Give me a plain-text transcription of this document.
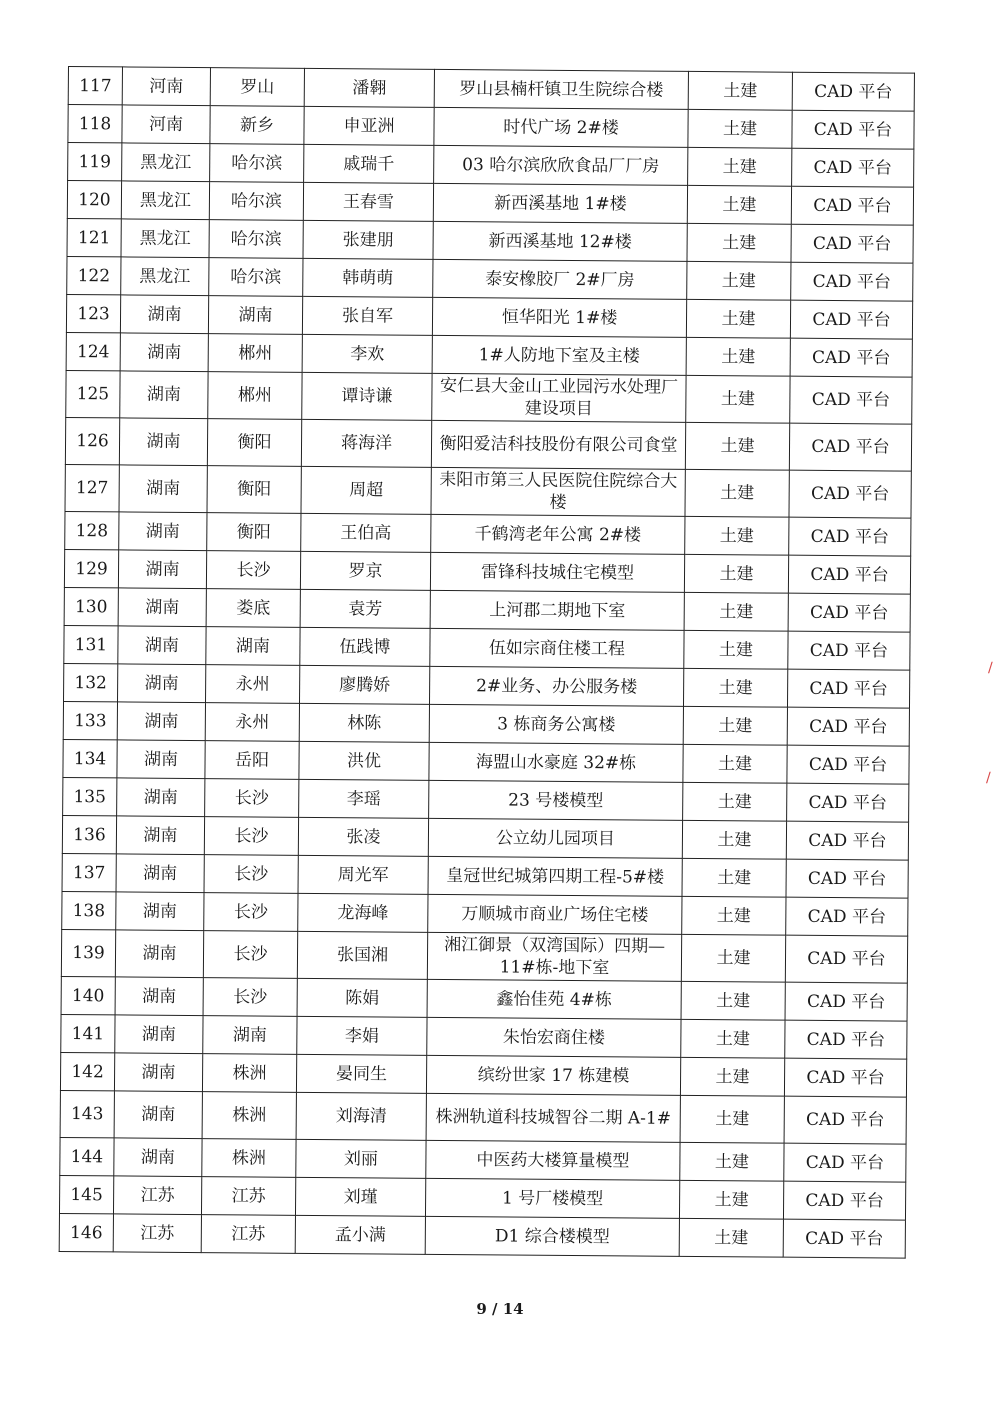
117	河南	罗山	潘翱	罗山县楠杆镇卫生院综合楼	土建	CAD 平台
118	河南	新乡	申亚洲	时代广场 2#楼	土建	CAD 平台
119	黑龙江	哈尔滨	戚瑞千	03 哈尔滨欣欣食品厂厂房	土建	CAD 平台
120	黑龙江	哈尔滨	王春雪	新西溪基地 1#楼	土建	CAD 平台
121	黑龙江	哈尔滨	张建朋	新西溪基地 12#楼	土建	CAD 平台
122	黑龙江	哈尔滨	韩萌萌	泰安橡胶厂 2#厂房	土建	CAD 平台
123	湖南	湖南	张自军	恒华阳光 1#楼	土建	CAD 平台
124	湖南	郴州	李欢	1#人防地下室及主楼	土建	CAD 平台
125	湖南	郴州	谭诗谦	安仁县大金山工业园污水处理厂建设项目	土建	CAD 平台
126	湖南	衡阳	蒋海洋	衡阳爱洁科技股份有限公司食堂	土建	CAD 平台
127	湖南	衡阳	周超	耒阳市第三人民医院住院综合大楼	土建	CAD 平台
128	湖南	衡阳	王伯高	千鹤湾老年公寓 2#楼	土建	CAD 平台
129	湖南	长沙	罗京	雷锋科技城住宅模型	土建	CAD 平台
130	湖南	娄底	袁芳	上河郡二期地下室	土建	CAD 平台
131	湖南	湖南	伍践博	伍如宗商住楼工程	土建	CAD 平台
132	湖南	永州	廖腾娇	2#业务、办公服务楼	土建	CAD 平台
133	湖南	永州	林陈	3 栋商务公寓楼	土建	CAD 平台
134	湖南	岳阳	洪优	海盟山水豪庭 32#栋	土建	CAD 平台
135	湖南	长沙	李瑶	23 号楼模型	土建	CAD 平台
136	湖南	长沙	张凌	公立幼儿园项目	土建	CAD 平台
137	湖南	长沙	周光军	皇冠世纪城第四期工程-5#楼	土建	CAD 平台
138	湖南	长沙	龙海峰	万顺城市商业广场住宅楼	土建	CAD 平台
139	湖南	长沙	张国湘	湘江御景（双湾国际）四期—11#栋-地下室	土建	CAD 平台
140	湖南	长沙	陈娟	鑫怡佳苑 4#栋	土建	CAD 平台
141	湖南	湖南	李娟	朱怡宏商住楼	土建	CAD 平台
142	湖南	株洲	晏同生	缤纷世家 17 栋建模	土建	CAD 平台
143	湖南	株洲	刘海清	株洲轨道科技城智谷二期 A-1#	土建	CAD 平台
144	湖南	株洲	刘丽	中医药大楼算量模型	土建	CAD 平台
145	江苏	江苏	刘瑾	1 号厂楼模型	土建	CAD 平台
146	江苏	江苏	孟小满	D1 综合楼模型	土建	CAD 平台
9 / 14
∕
∕
